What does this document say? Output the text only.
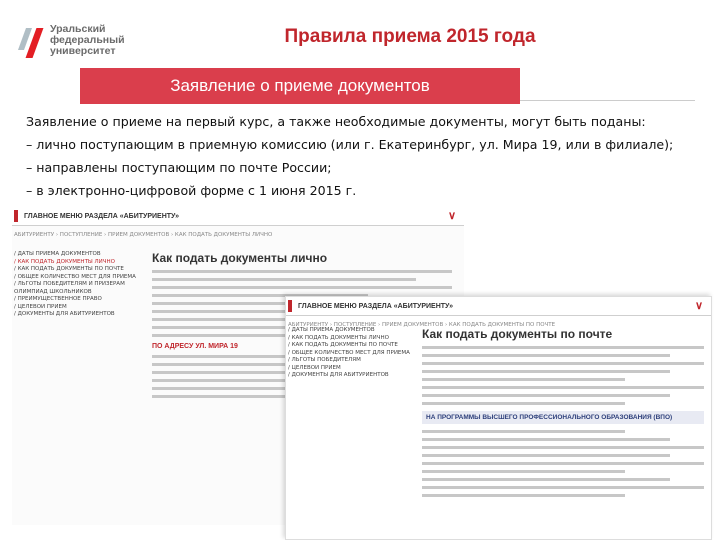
Уральский
федеральный
университет
Правила приема 2015 года
Заявление о приеме документов
Заявление о приеме на первый курс, а также необходимые документы, могут быть поданы:
– лично поступающим в приемную комиссию (или г. Екатеринбург, ул. Мира 19, или в филиале);
– направлены поступающим по почте России;
– в электронно-цифровой форме с 1 июня 2015 г.
ГЛАВНОЕ МЕНЮ РАЗДЕЛА «АБИТУРИЕНТУ»	∨
АБИТУРИЕНТУ › ПОСТУПЛЕНИЕ › ПРИЕМ ДОКУМЕНТОВ › КАК ПОДАТЬ ДОКУМЕНТЫ ЛИЧНО
/ ДАТЫ ПРИЕМА ДОКУМЕНТОВ
/ КАК ПОДАТЬ ДОКУМЕНТЫ ЛИЧНО
/ КАК ПОДАТЬ ДОКУМЕНТЫ ПО ПОЧТЕ
/ ОБЩЕЕ КОЛИЧЕСТВО МЕСТ ДЛЯ ПРИЕМА
/ ЛЬГОТЫ ПОБЕДИТЕЛЯМ И ПРИЗЕРАМ
ОЛИМПИАД ШКОЛЬНИКОВ
/ ПРЕИМУЩЕСТВЕННОЕ ПРАВО
/ ЦЕЛЕВОЙ ПРИЕМ
/ ДОКУМЕНТЫ ДЛЯ АБИТУРИЕНТОВ
Как подать документы лично
ПО АДРЕСУ УЛ. МИРА 19
ГЛАВНОЕ МЕНЮ РАЗДЕЛА «АБИТУРИЕНТУ»	∨
АБИТУРИЕНТУ › ПОСТУПЛЕНИЕ › ПРИЕМ ДОКУМЕНТОВ › КАК ПОДАТЬ ДОКУМЕНТЫ ПО ПОЧТЕ
/ ДАТЫ ПРИЕМА ДОКУМЕНТОВ
/ КАК ПОДАТЬ ДОКУМЕНТЫ ЛИЧНО
/ КАК ПОДАТЬ ДОКУМЕНТЫ ПО ПОЧТЕ
/ ОБЩЕЕ КОЛИЧЕСТВО МЕСТ ДЛЯ ПРИЕМА
/ ЛЬГОТЫ ПОБЕДИТЕЛЯМ
/ ЦЕЛЕВОЙ ПРИЕМ
/ ДОКУМЕНТЫ ДЛЯ АБИТУРИЕНТОВ
Как подать документы по почте
НА ПРОГРАММЫ ВЫСШЕГО ПРОФЕССИОНАЛЬНОГО ОБРАЗОВАНИЯ (ВПО)
